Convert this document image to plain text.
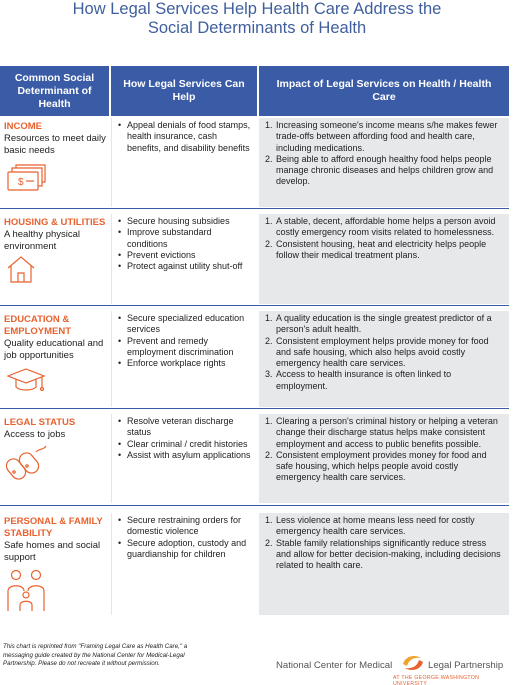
How Legal Services Help Health Care Address the
Social Determinants of Health
Common Social Determinant of Health
How Legal Services Can Help
Impact of Legal Services on Health / Health Care
INCOME
Resources to meet daily basic needs
$
• Appeal denials of food stamps, health insurance, cash benefits, and disability benefits
1. Increasing someone's income means s/he makes fewer trade-offs between affording food and health care, including medications.
2. Being able to afford enough healthy food helps people manage chronic diseases and helps children grow and develop.
HOUSING & UTILITIES
A healthy physical environment
• Secure housing subsidies
• Improve substandard conditions
• Prevent evictions
• Protect against utility shut-off
1. A stable, decent, affordable home helps a person avoid costly emergency room visits related to homelessness.
2. Consistent housing, heat and electricity helps people follow their medical treatment plans.
EDUCATION & EMPLOYMENT
Quality educational and job opportunities
• Secure specialized education services
• Prevent and remedy employment discrimination
• Enforce workplace rights
1. A quality education is the single greatest predictor of a person's adult health.
2. Consistent employment helps provide money for food and safe housing, which also helps avoid costly emergency health care services.
3. Access to health insurance is often linked to employment.
LEGAL STATUS
Access to jobs
• Resolve veteran discharge status
• Clear criminal / credit histories
• Assist with asylum applications
1. Clearing a person's criminal history or helping a veteran change their discharge status helps make consistent employment and access to public benefits possible.
2. Consistent employment provides money for food and safe housing, which helps people avoid costly emergency health care services.
PERSONAL & FAMILY STABILITY
Safe homes and social support
• Secure restraining orders for domestic violence
• Secure adoption, custody and guardianship for children
1. Less violence at home means less need for costly emergency health care services.
2. Stable family relationships significantly reduce stress and allow for better decision-making, including decisions related to health care.
This chart is reprinted from "Framing Legal Care as Health Care," a messaging guide created by the National Center for Medical-Legal Partnership. Please do not recreate it without permission.	National Center for Medical	Legal Partnership
AT THE GEORGE WASHINGTON UNIVERSITY
